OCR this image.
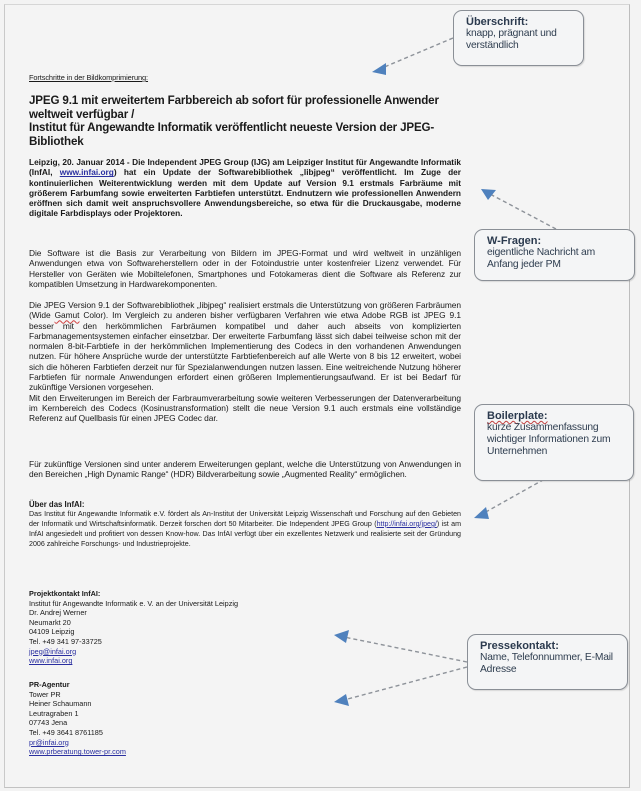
Fortschritte in der Bildkomprimierung:
JPEG 9.1 mit erweitertem Farbbereich ab sofort für professionelle Anwender weltweit verfügbar /
Institut für Angewandte Informatik veröffentlicht neueste Version der JPEG-Bibliothek
Leipzig, 20. Januar 2014 - Die Independent JPEG Group (IJG) am Leipziger Institut für Angewandte Informatik (InfAI, www.infai.org) hat ein Update der Softwarebibliothek „libjpeg“ veröffentlicht. Im Zuge der kontinuierlichen Weiterentwicklung werden mit dem Update auf Version 9.1 erstmals Farbräume mit größerem Farbumfang sowie erweiterten Farbtiefen unterstützt. Endnutzern wie professionellen Anwendern eröffnen sich damit weit anspruchsvollere Anwendungsbereiche, so etwa für die Druckausgabe, moderne digitale Farbdisplays oder Projektoren.
Die Software ist die Basis zur Verarbeitung von Bildern im JPEG-Format und wird weltweit in unzähligen Anwendungen etwa von Softwareherstellern oder in der Fotoindustrie unter kostenfreier Lizenz verwendet. Für Hersteller von Geräten wie Mobiltelefonen, Smartphones und Fotokameras dient die Software als Referenz zur kompatiblen Umsetzung in Hardwarekomponenten.
Die JPEG Version 9.1 der Softwarebibliothek „libjpeg“ realisiert erstmals die Unterstützung von größeren Farbräumen (Wide Gamut Color). Im Vergleich zu anderen bisher verfügbaren Verfahren wie etwa Adobe RGB ist JPEG 9.1 besser mit den herkömmlichen Farbräumen kompatibel und daher auch abseits von komplizierten Farbmanagementsystemen einfacher einsetzbar. Der erweiterte Farbumfang lässt sich dabei teilweise schon mit der normalen 8-bit-Farbtiefe in der herkömmlichen Implementierung des Codecs in den vorhandenen Anwendungen nutzen. Für höhere Ansprüche wurde der unterstützte Farbtiefenbereich auf alle Werte von 8 bis 12 erweitert, wobei sich die höheren Farbtiefen derzeit nur für Spezialanwendungen nutzen lassen. Eine weitreichende Nutzung höherer Farbtiefen für normale Anwendungen erfordert einen größeren Implementierungsaufwand. Er ist bei Bedarf für zukünftige Versionen vorgesehen.
Mit den Erweiterungen im Bereich der Farbraumverarbeitung sowie weiteren Verbesserungen der Datenverarbeitung im Kernbereich des Codecs (Kosinustransformation) stellt die neue Version 9.1 auch erstmals eine vollständige Referenz auf Quellbasis für einen JPEG Codec dar.
Für zukünftige Versionen sind unter anderem Erweiterungen geplant, welche die Unterstützung von Anwendungen in den Bereichen „High Dynamic Range“ (HDR) Bildverarbeitung sowie „Augmented Reality“ ermöglichen.
Über das InfAI:
Das Institut für Angewandte Informatik e.V. fördert als An-Institut der Universität Leipzig Wissenschaft und Forschung auf den Gebieten der Informatik und Wirtschaftsinformatik. Derzeit forschen dort 50 Mitarbeiter. Die Independent JPEG Group (http://infai.org/jpeg/) ist am InfAI angesiedelt und profitiert von dessen Know-how. Das InfAI verfügt über ein exzellentes Netzwerk und realisierte seit der Gründung 2006 zahlreiche Forschungs- und Industrieprojekte.
Projektkontakt InfAI:
Institut für Angewandte Informatik e. V. an der Universität Leipzig
Dr. Andrej Werner
Neumarkt 20
04109 Leipzig
Tel. +49 341 97-33725
jpeg@infai.org
www.infai.org
PR-Agentur
Tower PR
Heiner Schaumann
Leutragraben 1
07743 Jena
Tel. +49 3641 8761185
pr@infai.org
www.prberatung.tower-pr.com
Überschrift:
knapp, prägnant und verständlich
W-Fragen:
eigentliche Nachricht am Anfang jeder PM
Boilerplate:
kurze Zusammenfassung wichtiger Informationen zum Unternehmen
Pressekontakt:
Name, Telefonnummer, E-Mail Adresse
